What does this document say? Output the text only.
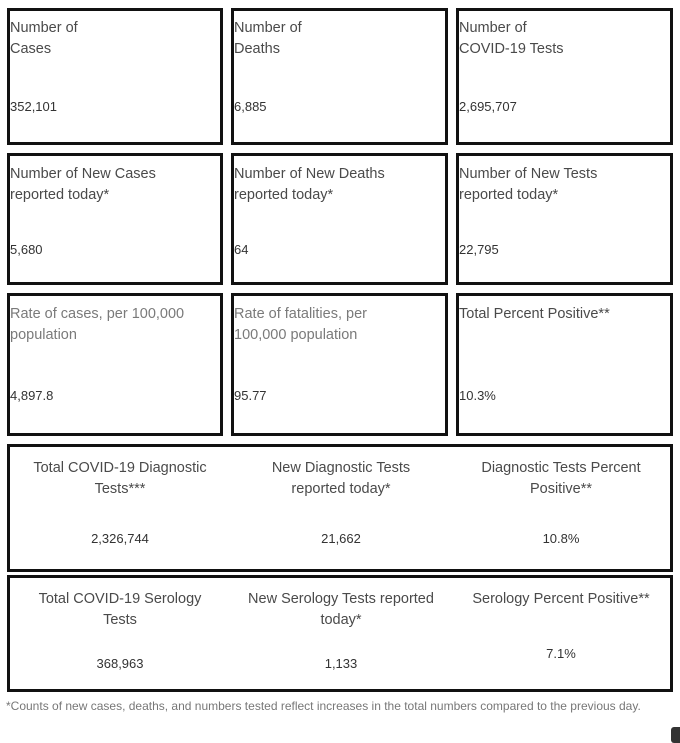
Number of
Cases
352,101
Number of
Deaths
6,885
Number of
COVID-19 Tests
2,695,707
Number of New Cases
reported today*
5,680
Number of New Deaths
reported today*
64
Number of New Tests
reported today*
22,795
Rate of cases, per 100,000
population
4,897.8
Rate of fatalities, per
100,000 population
95.77
Total Percent Positive**
10.3%
Total COVID-19 Diagnostic
Tests***
2,326,744
New Diagnostic Tests
reported today*
21,662
Diagnostic Tests Percent
Positive**
10.8%
Total COVID-19 Serology
Tests
368,963
New Serology Tests reported
today*
1,133
Serology Percent Positive**
7.1%
*Counts of new cases, deaths, and numbers tested reflect increases in the total numbers compared to the previous day.
